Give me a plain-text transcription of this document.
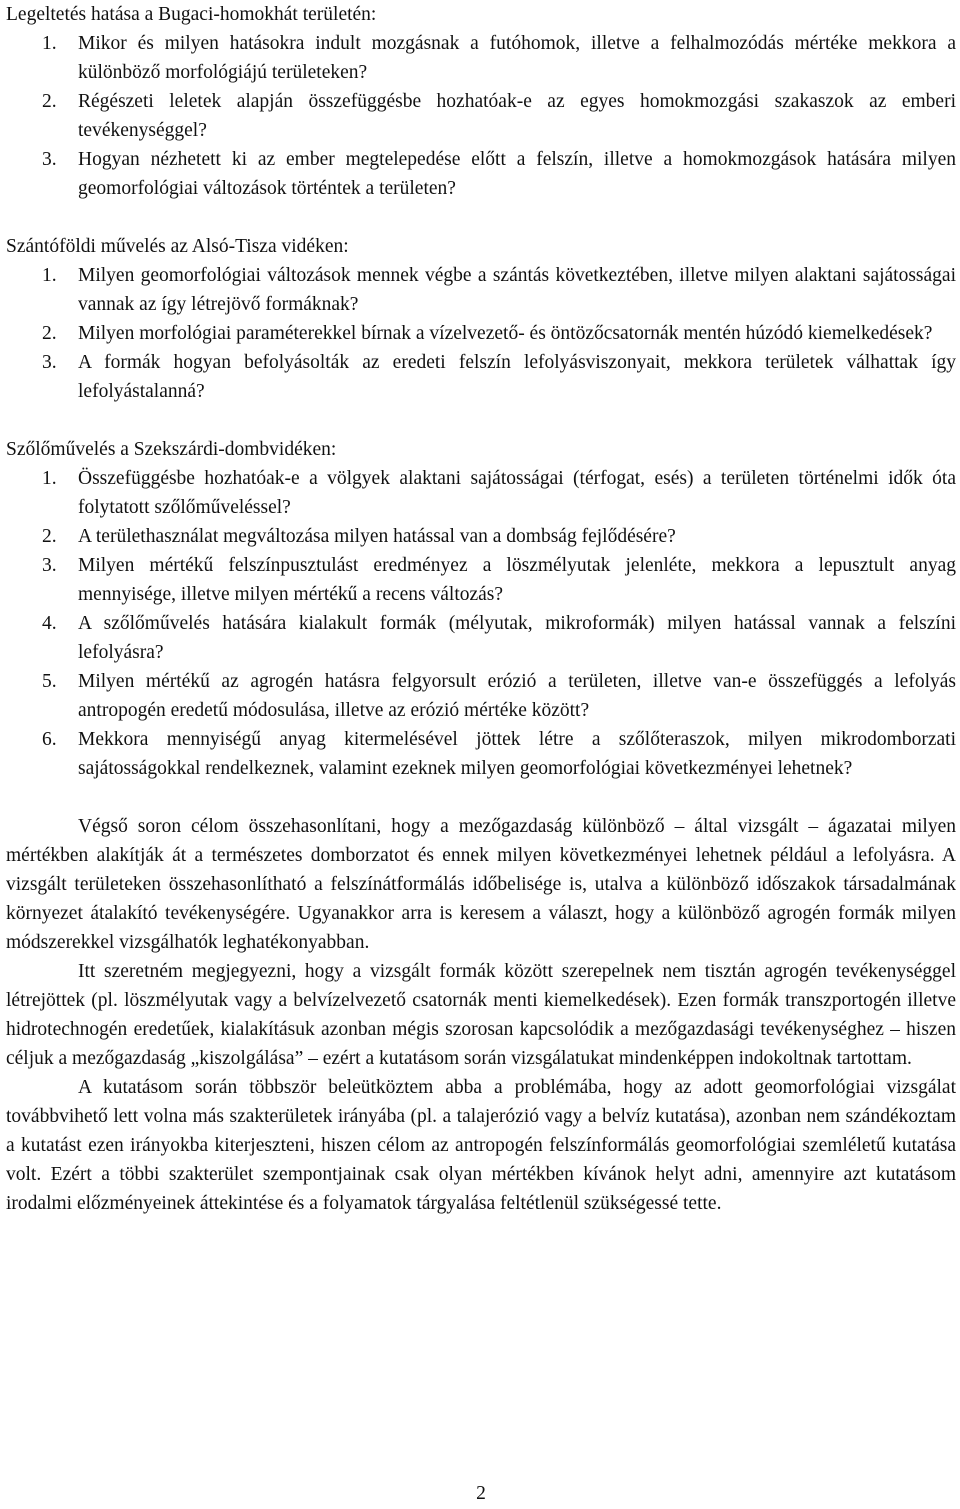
Legeltetés hatása a Bugaci-homokhát területén:
1.	Mikor és milyen hatásokra indult mozgásnak a futóhomok, illetve a felhalmozódás mértéke mekkora a különböző morfológiájú területeken?
2.	Régészeti leletek alapján összefüggésbe hozhatóak-e az egyes homokmozgási szakaszok az emberi tevékenységgel?
3.	Hogyan nézhetett ki az ember megtelepedése előtt a felszín, illetve a homokmozgások hatására milyen geomorfológiai változások történtek a területen?
Szántóföldi művelés az Alsó-Tisza vidéken:
1.	Milyen geomorfológiai változások mennek végbe a szántás következtében, illetve milyen alaktani sajátosságai vannak az így létrejövő formáknak?
2.	Milyen morfológiai paraméterekkel bírnak a vízelvezető- és öntözőcsatornák mentén húzódó kiemelkedések?
3.	A formák hogyan befolyásolták az eredeti felszín lefolyásviszonyait, mekkora területek válhattak így lefolyástalanná?
Szőlőművelés a Szekszárdi-dombvidéken:
1.	Összefüggésbe hozhatóak-e a völgyek alaktani sajátosságai (térfogat, esés) a területen történelmi idők óta folytatott szőlőműveléssel?
2.	A területhasználat megváltozása milyen hatással van a dombság fejlődésére?
3.	Milyen mértékű felszínpusztulást eredményez a löszmélyutak jelenléte, mekkora a lepusztult anyag mennyisége, illetve milyen mértékű a recens változás?
4.	A szőlőművelés hatására kialakult formák (mélyutak, mikroformák) milyen hatással vannak a felszíni lefolyásra?
5.	Milyen mértékű az agrogén hatásra felgyorsult erózió a területen, illetve van-e összefüggés a lefolyás antropogén eredetű módosulása, illetve az erózió mértéke között?
6.	Mekkora mennyiségű anyag kitermelésével jöttek létre a szőlőteraszok, milyen mikrodomborzati sajátosságokkal rendelkeznek, valamint ezeknek milyen geomorfológiai következményei lehetnek?

Végső soron célom összehasonlítani, hogy a mezőgazdaság különböző – által vizsgált – ágazatai milyen mértékben alakítják át a természetes domborzatot és ennek milyen következményei lehetnek például a lefolyásra. A vizsgált területeken összehasonlítható a felszínátformálás időbelisége is, utalva a különböző időszakok társadalmának környezet átalakító tevékenységére. Ugyanakkor arra is keresem a választ, hogy a különböző agrogén formák milyen módszerekkel vizsgálhatók leghatékonyabban.

Itt szeretném megjegyezni, hogy a vizsgált formák között szerepelnek nem tisztán agrogén tevékenységgel létrejöttek (pl. löszmélyutak vagy a belvízelvezető csatornák menti kiemelkedések). Ezen formák transzportogén illetve hidrotechnogén eredetűek, kialakításuk azonban mégis szorosan kapcsolódik a mezőgazdasági tevékenységhez – hiszen céljuk a mezőgazdaság „kiszolgálása” – ezért a kutatásom során vizsgálatukat mindenképpen indokoltnak tartottam.

A kutatásom során többször beleütköztem abba a problémába, hogy az adott geomorfológiai vizsgálat továbbvihető lett volna más szakterületek irányába (pl. a talajerózió vagy a belvíz kutatása), azonban nem szándékoztam a kutatást ezen irányokba kiterjeszteni, hiszen célom az antropogén felszínformálás geomorfológiai szemléletű kutatása volt. Ezért a többi szakterület szempontjainak csak olyan mértékben kívánok helyt adni, amennyire azt kutatásom irodalmi előzményeinek áttekintése és a folyamatok tárgyalása feltétlenül szükségessé tette.

2
